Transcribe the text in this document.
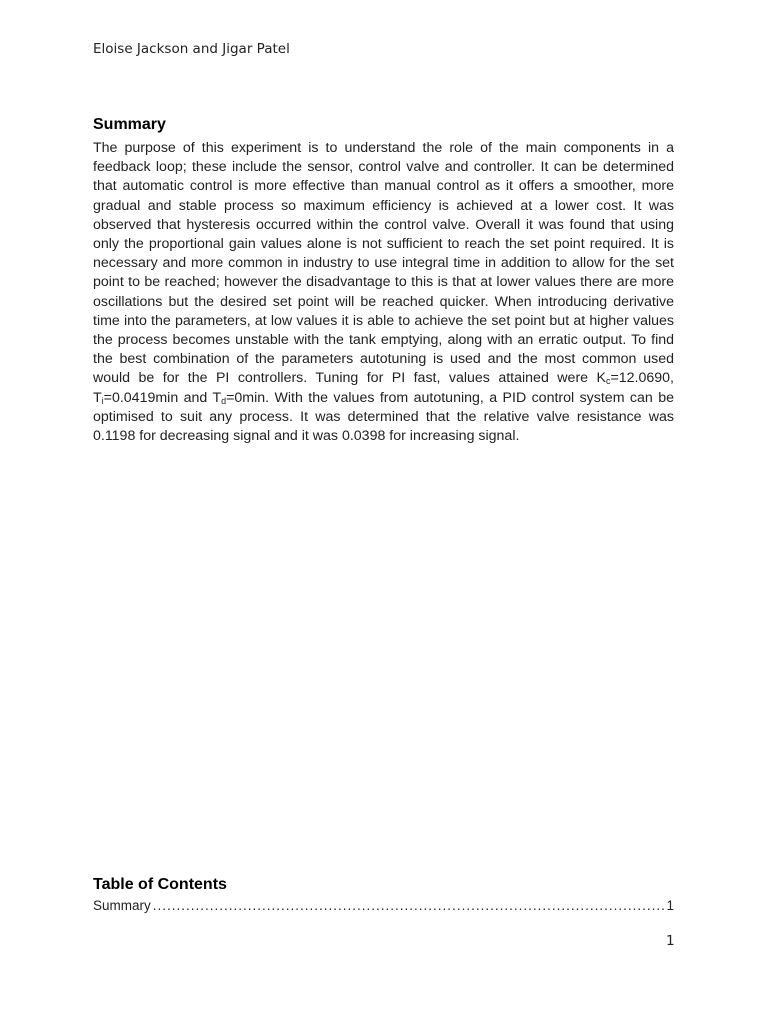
Eloise Jackson and Jigar Patel
Summary

The purpose of this experiment is to understand the role of the main components in a feedback loop; these include the sensor, control valve and controller. It can be determined that automatic control is more effective than manual control as it offers a smoother, more gradual and stable process so maximum efficiency is achieved at a lower cost. It was observed that hysteresis occurred within the control valve. Overall it was found that using only the proportional gain values alone is not sufficient to reach the set point required. It is necessary and more common in industry to use integral time in addition to allow for the set point to be reached; however the disadvantage to this is that at lower values there are more oscillations but the desired set point will be reached quicker. When introducing derivative time into the parameters, at low values it is able to achieve the set point but at higher values the process becomes unstable with the tank emptying, along with an erratic output. To find the best combination of the parameters autotuning is used and the most common used would be for the PI controllers. Tuning for PI fast, values attained were $K_c=12.0690$, $T_i=0.0419\min$ and $T_d=0\min$. With the values from autotuning, a PID control system can be optimised to suit any process. It was determined that the relative valve resistance was 0.1198 for decreasing signal and it was 0.0398 for increasing signal.

Table of Contents
Summary
.....	1
1
